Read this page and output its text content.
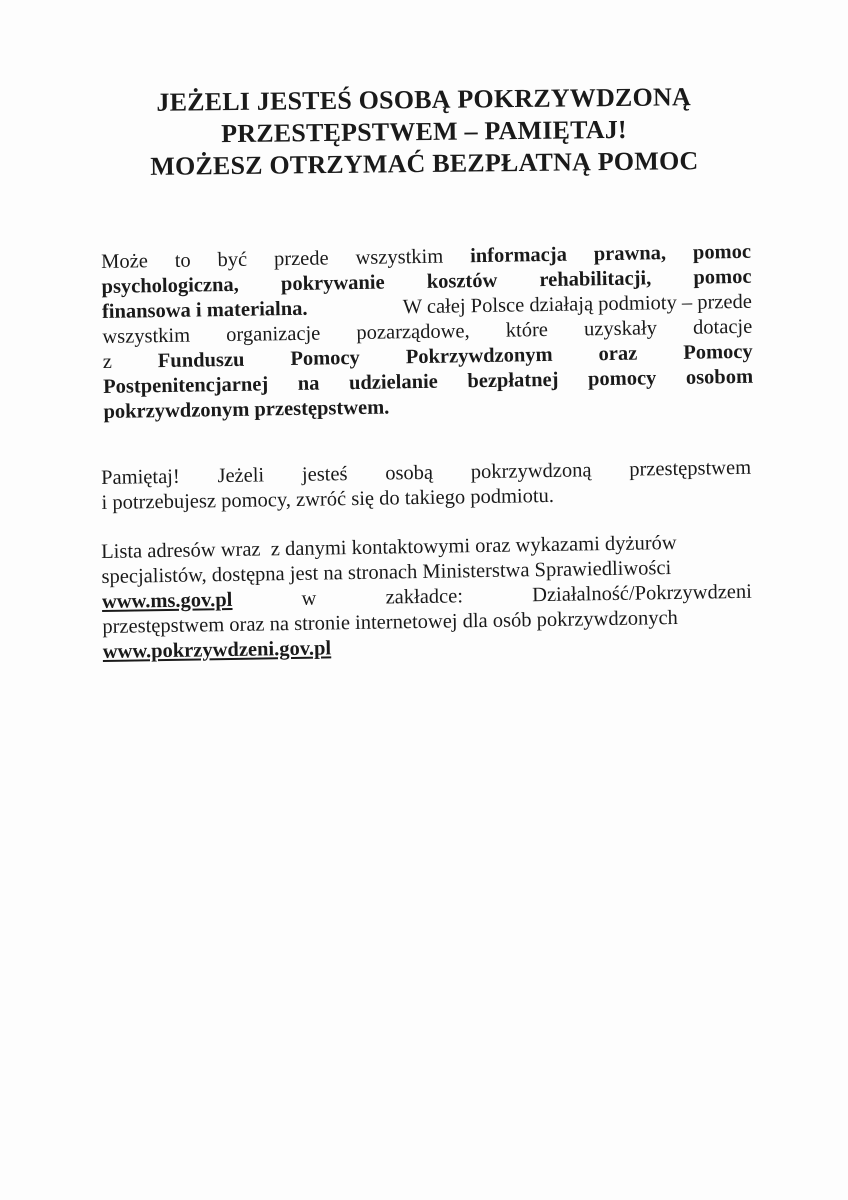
JEŻELI JESTEŚ OSOBĄ POKRZYWDZONĄ
PRZESTĘPSTWEM – PAMIĘTAJ!
MOŻESZ OTRZYMAĆ BEZPŁATNĄ POMOC
Może to być przede wszystkim informacja prawna, pomoc
psychologiczna, pokrywanie kosztów rehabilitacji, pomoc
finansowa i materialna.	W całej Polsce działają podmioty – przede
wszystkim organizacje pozarządowe, które uzyskały dotacje
z Funduszu Pomocy Pokrzywdzonym oraz Pomocy
Postpenitencjarnej na udzielanie bezpłatnej pomocy osobom
pokrzywdzonym przestępstwem.
Pamiętaj! Jeżeli jesteś osobą pokrzywdzoną przestępstwem
i potrzebujesz pomocy, zwróć się do takiego podmiotu.
Lista adresów wraz  z danymi kontaktowymi oraz wykazami dyżurów
specjalistów, dostępna jest na stronach Ministerstwa Sprawiedliwości
www.ms.gov.pl	w	zakładce:	Działalność/Pokrzywdzeni
przestępstwem oraz na stronie internetowej dla osób pokrzywdzonych
www.pokrzywdzeni.gov.pl
